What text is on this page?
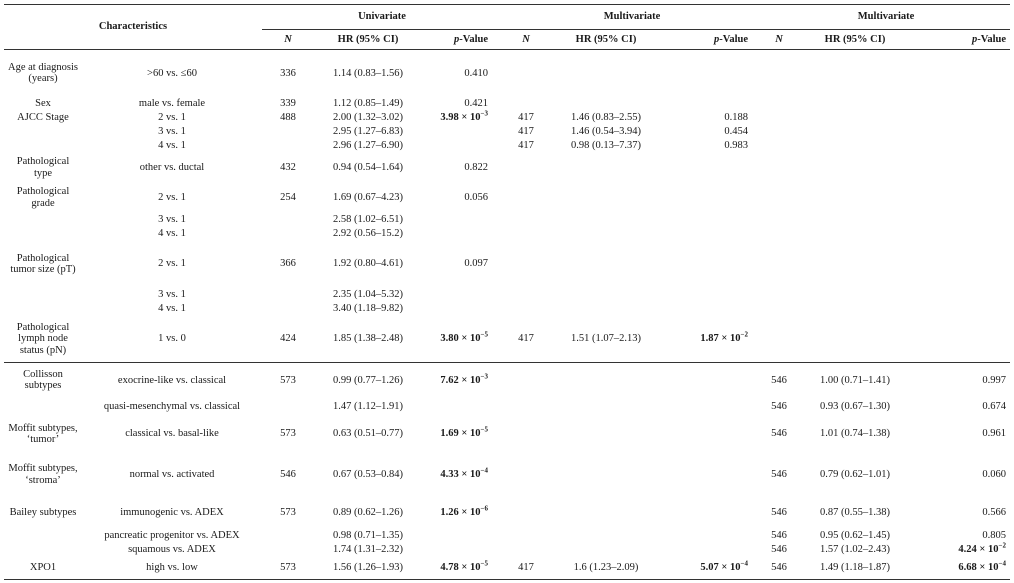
Characteristics		Univariate			Multivariate			Multivariate		
		N	HR (95% CI)	p-Value	N	HR (95% CI)	p-Value	N	HR (95% CI)	p-Value
Age at diagnosis (years)	>60 vs. ≤60	336	1.14 (0.83–1.56)	0.410						
Sex	male vs. female	339	1.12 (0.85–1.49)	0.421						
AJCC Stage	2 vs. 1	488	2.00 (1.32–3.02)	$3.98 \times 10^{-3}$	417	1.46 (0.83–2.55)	0.188			
	3 vs. 1		2.95 (1.27–6.83)		417	1.46 (0.54–3.94)	0.454			
	4 vs. 1		2.96 (1.27–6.90)		417	0.98 (0.13–7.37)	0.983			
Pathological type	other vs. ductal	432	0.94 (0.54–1.64)	0.822						
Pathological grade	2 vs. 1	254	1.69 (0.67–4.23)	0.056						
	3 vs. 1		2.58 (1.02–6.51)							
	4 vs. 1		2.92 (0.56–15.2)							
Pathological tumor size (pT)	2 vs. 1	366	1.92 (0.80–4.61)	0.097						
	3 vs. 1		2.35 (1.04–5.32)							
	4 vs. 1		3.40 (1.18–9.82)							
Pathological lymph node status (pN)	1 vs. 0	424	1.85 (1.38–2.48)	$3.80 \times 10^{-5}$	417	1.51 (1.07–2.13)	$1.87 \times 10^{-2}$			
Collisson subtypes	exocrine-like vs. classical	573	0.99 (0.77–1.26)	$7.62 \times 10^{-3}$				546	1.00 (0.71–1.41)	0.997
	quasi-mesenchymal vs. classical		1.47 (1.12–1.91)					546	0.93 (0.67–1.30)	0.674
Moffit subtypes, ‘tumor’	classical vs. basal-like	573	0.63 (0.51–0.77)	$1.69 \times 10^{-5}$				546	1.01 (0.74–1.38)	0.961
Moffit subtypes, ‘stroma’	normal vs. activated	546	0.67 (0.53–0.84)	$4.33 \times 10^{-4}$				546	0.79 (0.62–1.01)	0.060
Bailey subtypes	immunogenic vs. ADEX	573	0.89 (0.62–1.26)	$1.26 \times 10^{-6}$				546	0.87 (0.55–1.38)	0.566
	pancreatic progenitor vs. ADEX		0.98 (0.71–1.35)					546	0.95 (0.62–1.45)	0.805
	squamous vs. ADEX		1.74 (1.31–2.32)					546	1.57 (1.02–2.43)	$4.24 \times 10^{-2}$
XPO1	high vs. low	573	1.56 (1.26–1.93)	$4.78 \times 10^{-5}$	417	1.6 (1.23–2.09)	$5.07 \times 10^{-4}$	546	1.49 (1.18–1.87)	$6.68 \times 10^{-4}$
